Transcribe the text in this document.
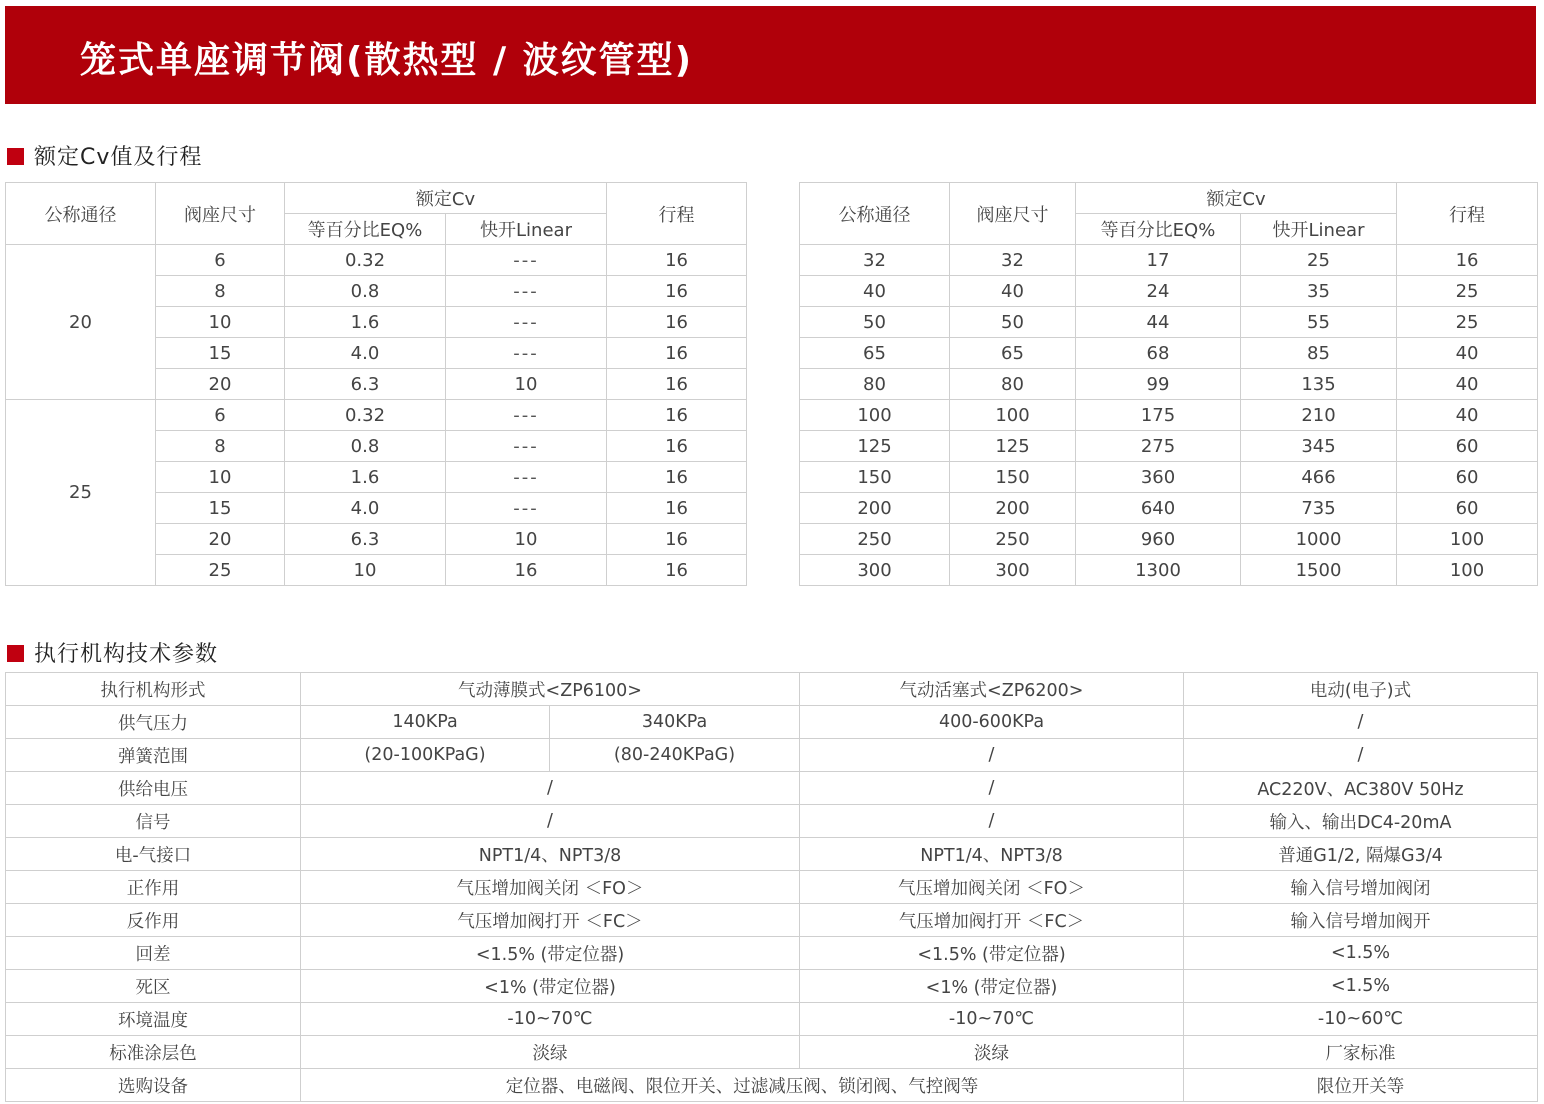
笼式单座调节阀(散热型 / 波纹管型)
额定Cv值及行程
公称通径	阀座尺寸	额定Cv		行程
		等百分比EQ%	快开Linear	
20	6	0.32	---	16
	8	0.8	---	16
	10	1.6	---	16
	15	4.0	---	16
	20	6.3	10	16
25	6	0.32	---	16
	8	0.8	---	16
	10	1.6	---	16
	15	4.0	---	16
	20	6.3	10	16
	25	10	16	16
公称通径	阀座尺寸	额定Cv		行程
		等百分比EQ%	快开Linear	
32	32	17	25	16
40	40	24	35	25
50	50	44	55	25
65	65	68	85	40
80	80	99	135	40
100	100	175	210	40
125	125	275	345	60
150	150	360	466	60
200	200	640	735	60
250	250	960	1000	100
300	300	1300	1500	100
执行机构技术参数
执行机构形式	气动薄膜式<ZP6100>		气动活塞式<ZP6200>	电动(电子)式
供气压力	140KPa	340KPa	400-600KPa	/
弹簧范围	(20-100KPaG)	(80-240KPaG)	/	/
供给电压	/		/	AC220V、AC380V 50Hz
信号	/		/	输入、输出DC4-20mA
电-气接口	NPT1/4、NPT3/8		NPT1/4、NPT3/8	普通G1/2, 隔爆G3/4
正作用	气压增加阀关闭 ＜FO＞		气压增加阀关闭 ＜FO＞	输入信号增加阀闭
反作用	气压增加阀打开 ＜FC＞		气压增加阀打开 ＜FC＞	输入信号增加阀开
回差	<1.5% (带定位器)		<1.5% (带定位器)	<1.5%
死区	<1% (带定位器)		<1% (带定位器)	<1.5%
环境温度	-10~70℃		-10~70℃	-10~60℃
标准涂层色	淡绿		淡绿	厂家标准
选购设备	定位器、电磁阀、限位开关、过滤减压阀、锁闭阀、气控阀等			限位开关等
